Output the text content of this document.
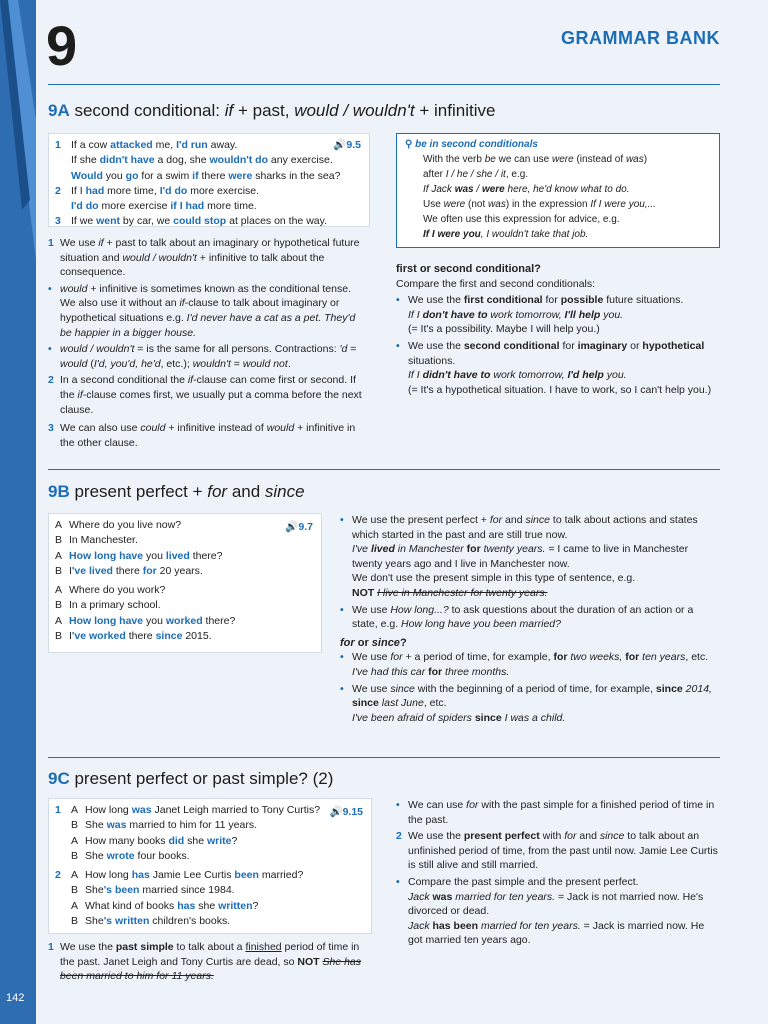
142
9	GRAMMAR BANK
9A second conditional: if + past, would / wouldn't + infinitive
🔊9.5
1 If a cow attacked me, I'd run away.
If she didn't have a dog, she wouldn't do any exercise.
Would you go for a swim if there were sharks in the sea?
2 If I had more time, I'd do more exercise.
I'd do more exercise if I had more time.
3 If we went by car, we could stop at places on the way.
1 We use if + past to talk about an imaginary or hypothetical future situation and would / wouldn't + infinitive to talk about the consequence.
• would + infinitive is sometimes known as the conditional tense. We also use it without an if-clause to talk about imaginary or hypothetical situations e.g. I'd never have a cat as a pet. They'd be happier in a bigger house.
• would / wouldn't = is the same for all persons. Contractions: 'd = would (I'd, you'd, he'd, etc.); wouldn't = would not.
2 In a second conditional the if-clause can come first or second. If the if-clause comes first, we usually put a comma before the next clause.
3 We can also use could + infinitive instead of would + infinitive in the other clause.
⚲ be in second conditionals
With the verb be we can use were (instead of was)
after I / he / she / it, e.g.
If Jack was / were here, he'd know what to do.
Use were (not was) in the expression If I were you,...
We often use this expression for advice, e.g.
If I were you, I wouldn't take that job.

first or second conditional?

Compare the first and second conditionals:

• We use the first conditional for possible future situations.
If I don't have to work tomorrow, I'll help you.
(= It's a possibility. Maybe I will help you.)
• We use the second conditional for imaginary or hypothetical situations.
If I didn't have to work tomorrow, I'd help you.
(= It's a hypothetical situation. I have to work, so I can't help you.)
9B present perfect + for and since
🔊9.7
A Where do you live now?
B In Manchester.
A How long have you lived there?
B I've lived there for 20 years.
A Where do you work?
B In a primary school.
A How long have you worked there?
B I've worked there since 2015.
• We use the present perfect + for and since to talk about actions and states which started in the past and are still true now.
I've lived in Manchester for twenty years. = I came to live in Manchester twenty years ago and I live in Manchester now.
We don't use the present simple in this type of sentence, e.g.
NOT I live in Manchester for twenty years.
• We use How long...? to ask questions about the duration of an action or a state, e.g. How long have you been married?

for or since?

• We use for + a period of time, for example, for two weeks, for ten years, etc.
I've had this car for three months.
• We use since with the beginning of a period of time, for example, since 2014, since last June, etc.
I've been afraid of spiders since I was a child.
9C present perfect or past simple? (2)
🔊9.15
1 A How long was Janet Leigh married to Tony Curtis?
B She was married to him for 11 years.
A How many books did she write?
B She wrote four books.
2 A How long has Jamie Lee Curtis been married?
B She's been married since 1984.
A What kind of books has she written?
B She's written children's books.
1 We use the past simple to talk about a finished period of time in the past. Janet Leigh and Tony Curtis are dead, so NOT She has been married to him for 11 years.
• We can use for with the past simple for a finished period of time in the past.
2 We use the present perfect with for and since to talk about an unfinished period of time, from the past until now. Jamie Lee Curtis is still alive and still married.
• Compare the past simple and the present perfect.
Jack was married for ten years. = Jack is not married now. He's divorced or dead.
Jack has been married for ten years. = Jack is married now. He got married ten years ago.
